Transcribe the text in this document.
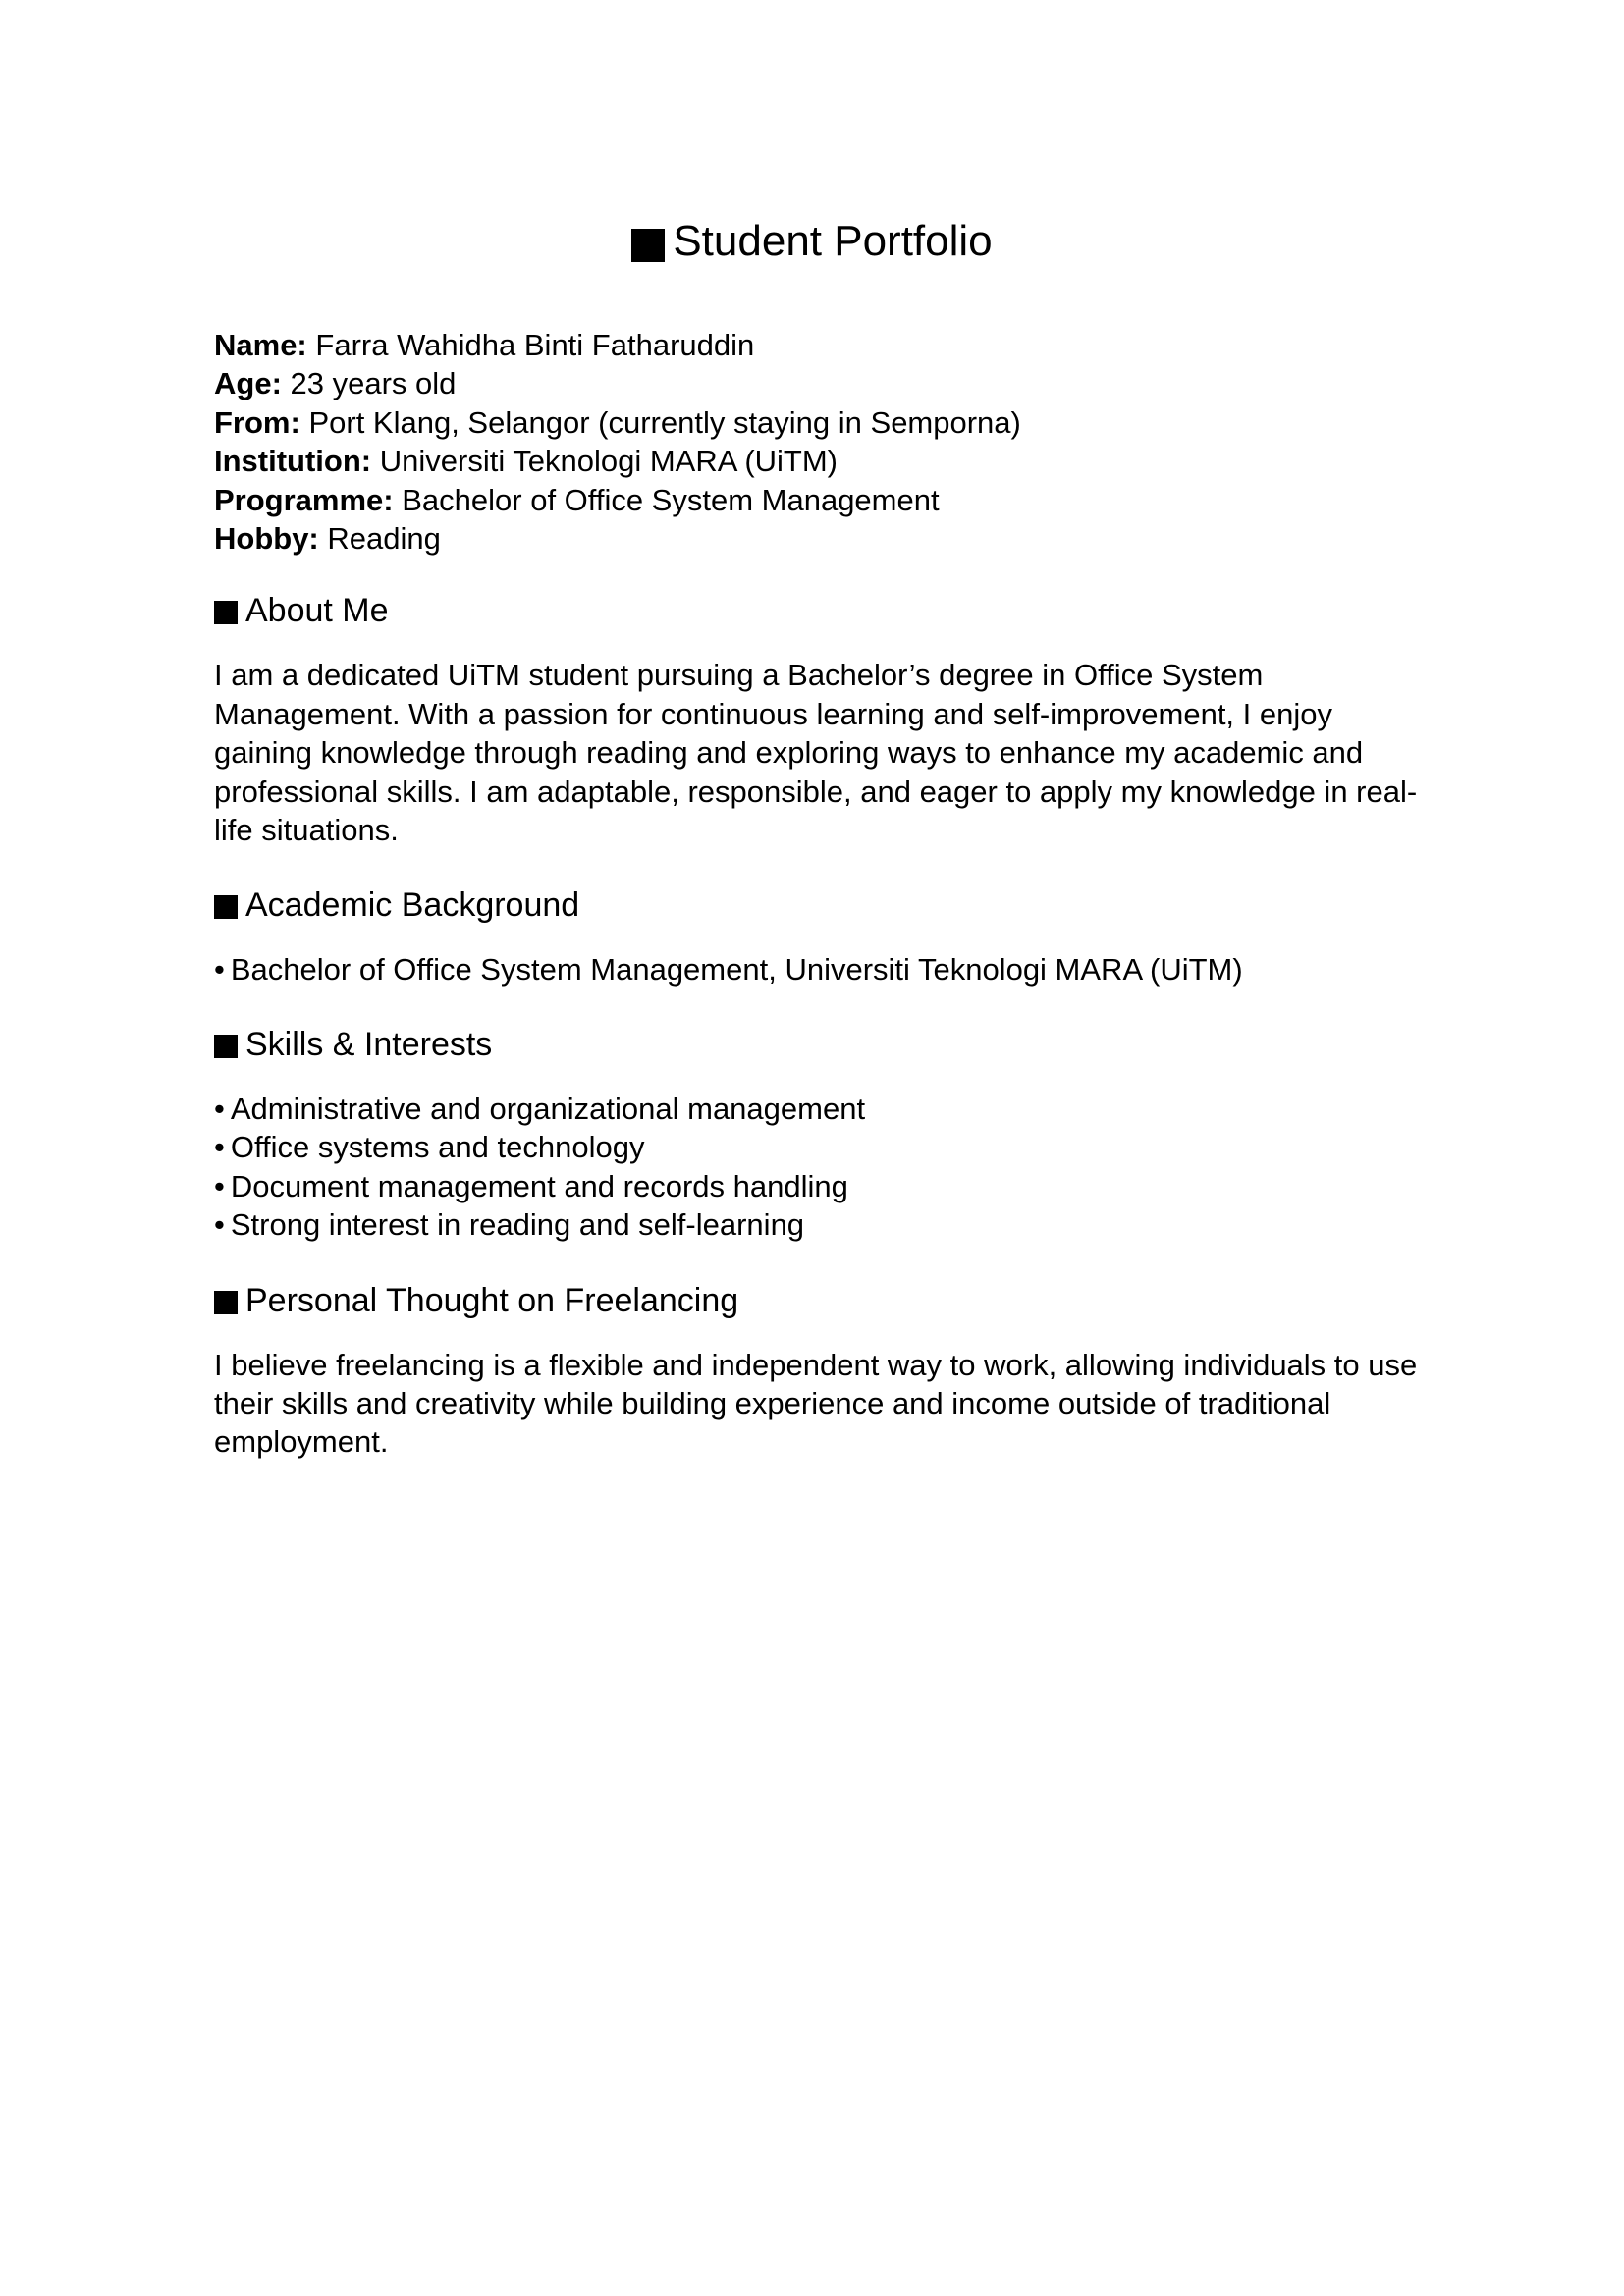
Student Portfolio
Name: Farra Wahidha Binti Fatharuddin
Age: 23 years old
From: Port Klang, Selangor (currently staying in Semporna)
Institution: Universiti Teknologi MARA (UiTM)
Programme: Bachelor of Office System Management
Hobby: Reading
About Me

I am a dedicated UiTM student pursuing a Bachelor’s degree in Office System Management. With a passion for continuous learning and self-improvement, I enjoy gaining knowledge through reading and exploring ways to enhance my academic and professional skills. I am adaptable, responsible, and eager to apply my knowledge in real-life situations.

Academic Background
• Bachelor of Office System Management, Universiti Teknologi MARA (UiTM)
Skills & Interests
• Administrative and organizational management
• Office systems and technology
• Document management and records handling
• Strong interest in reading and self-learning
Personal Thought on Freelancing

I believe freelancing is a flexible and independent way to work, allowing individuals to use their skills and creativity while building experience and income outside of traditional employment.
